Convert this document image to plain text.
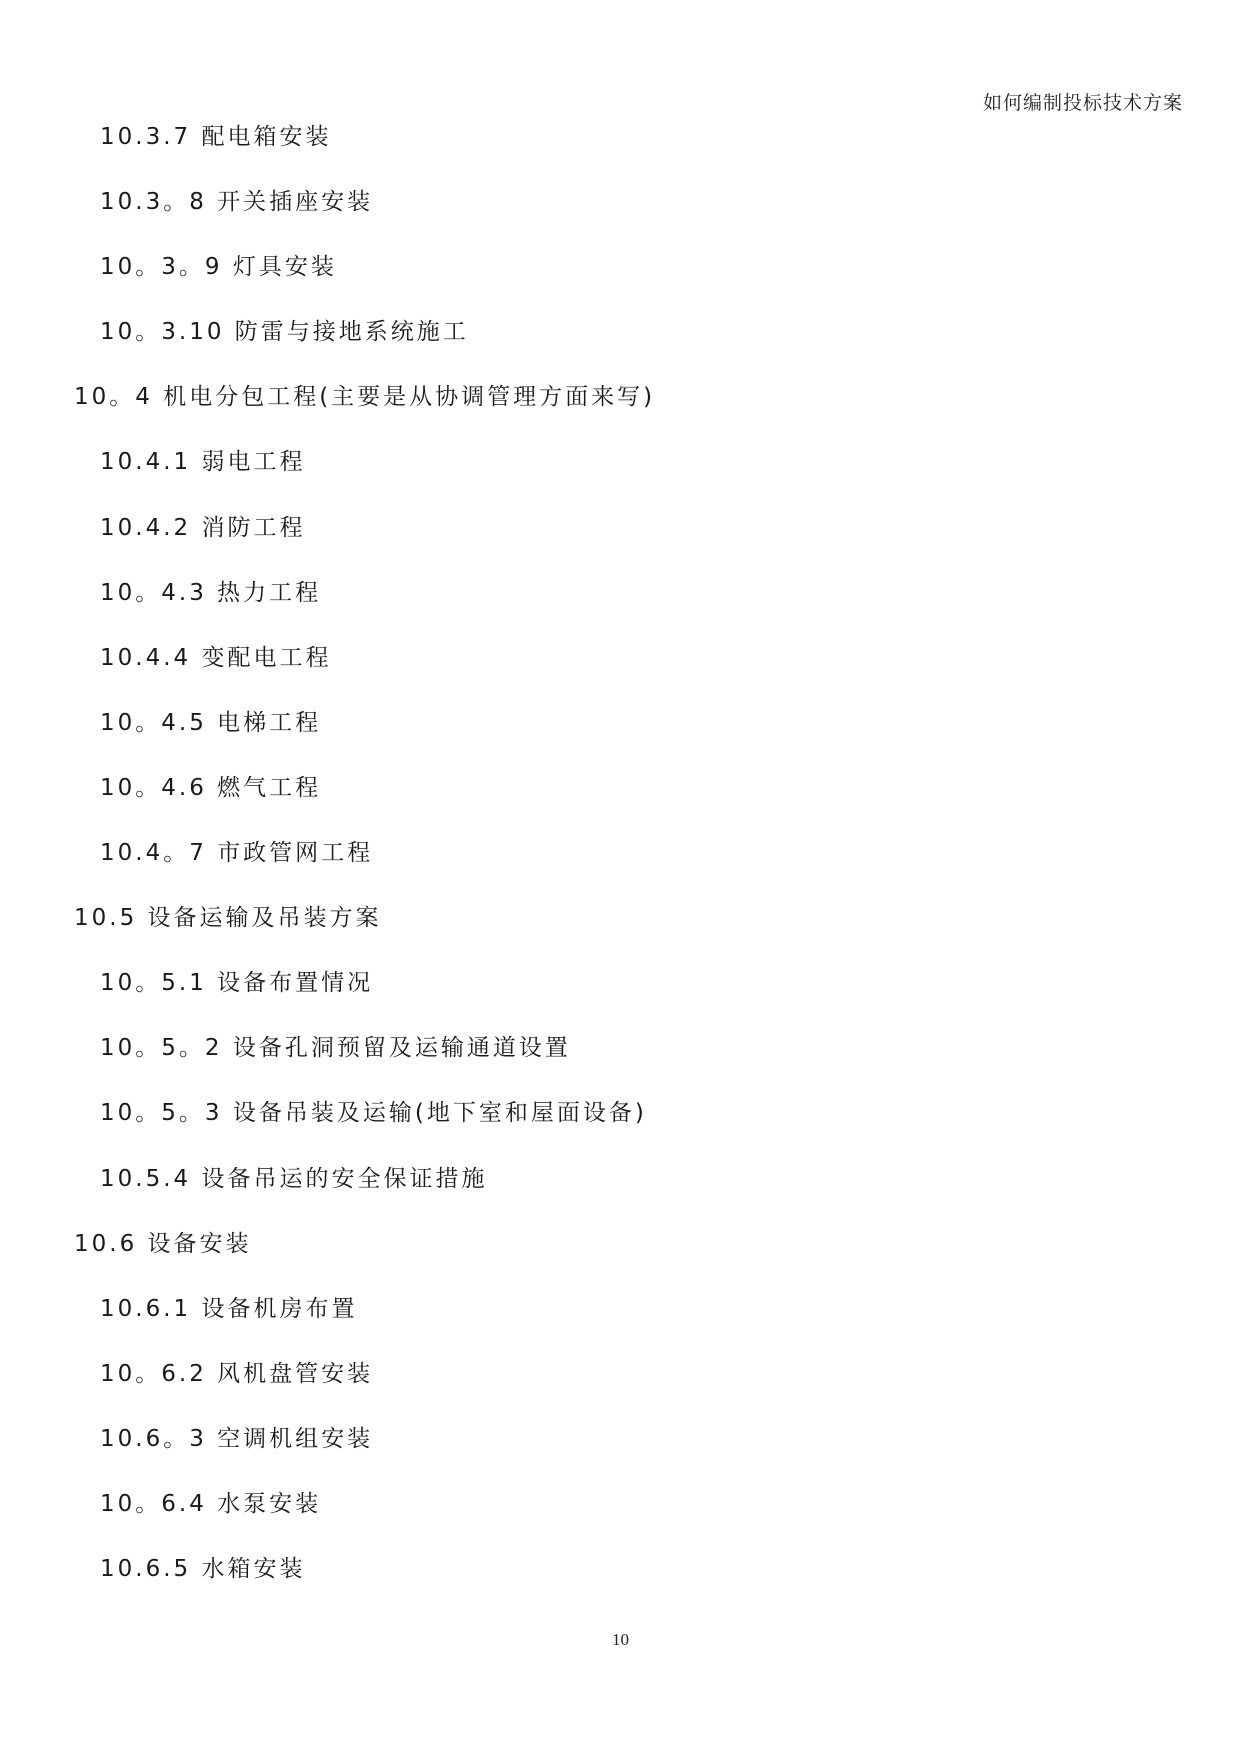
如何编制投标技术方案
10.3.7 配电箱安装
10.3。8 开关插座安装
10。3。9 灯具安装
10。3.10 防雷与接地系统施工
10。4 机电分包工程(主要是从协调管理方面来写)
10.4.1 弱电工程
10.4.2 消防工程
10。4.3 热力工程
10.4.4 变配电工程
10。4.5 电梯工程
10。4.6 燃气工程
10.4。7 市政管网工程
10.5 设备运输及吊装方案
10。5.1 设备布置情况
10。5。2 设备孔洞预留及运输通道设置
10。5。3 设备吊装及运输(地下室和屋面设备)
10.5.4 设备吊运的安全保证措施
10.6 设备安装
10.6.1 设备机房布置
10。6.2 风机盘管安装
10.6。3 空调机组安装
10。6.4 水泵安装
10.6.5 水箱安装
10
